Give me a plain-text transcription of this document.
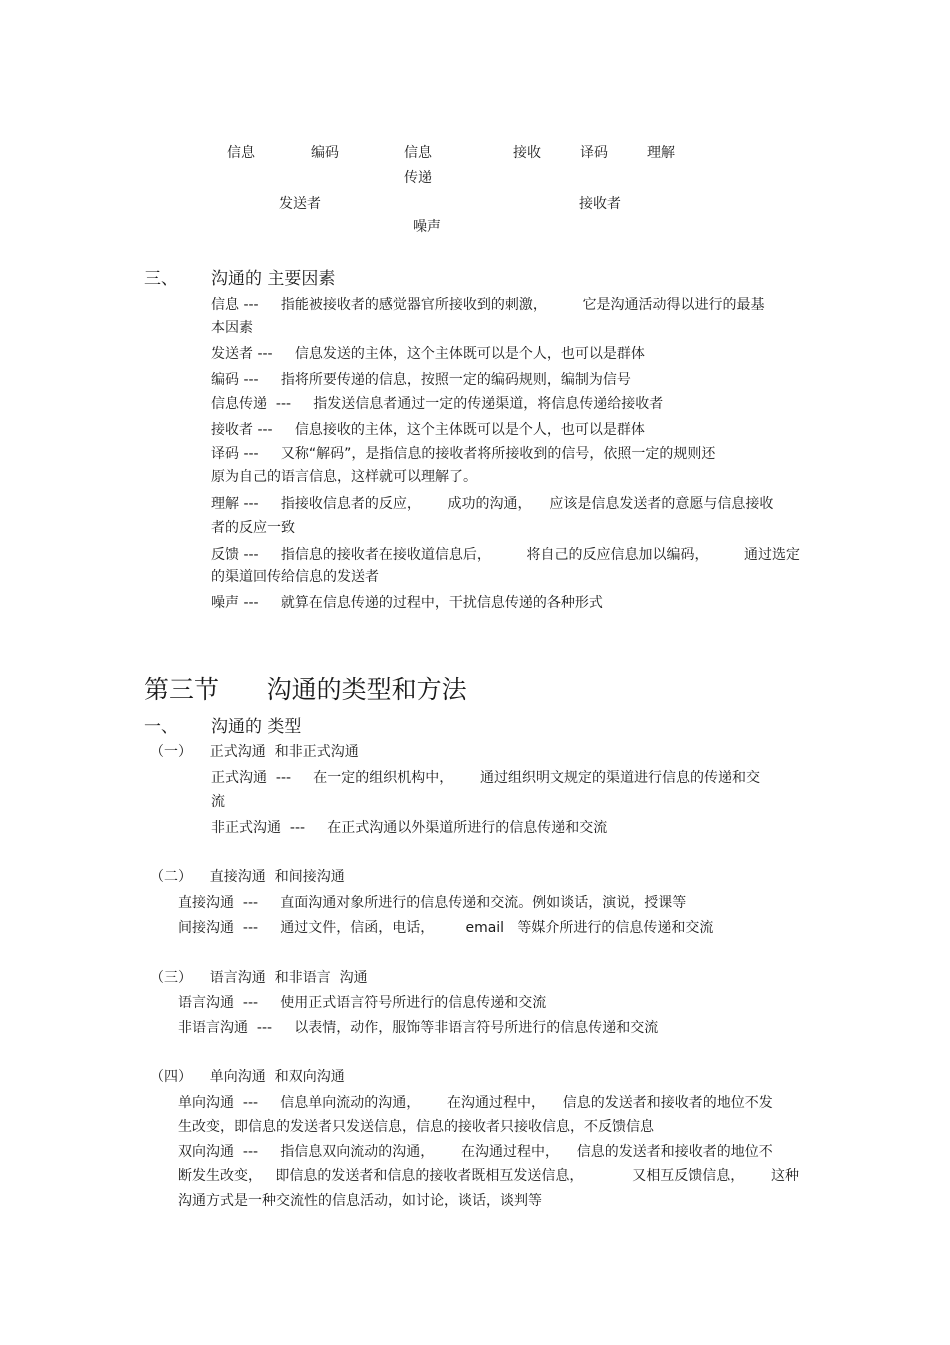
信息	编码	信息
传递
接收	译码	理解
发送者	接收者
噪声
三、 沟通的 主要因素
信息 ---     指能被接收者的感觉器官所接收到的刺激，        它是沟通活动得以进行的最基
本因素
发送者 ---     信息发送的主体，这个主体既可以是个人，也可以是群体
编码 ---     指将所要传递的信息，按照一定的编码规则，编制为信号
信息传递  ---     指发送信息者通过一定的传递渠道，将信息传递给接收者
接收者 ---     信息接收的主体，这个主体既可以是个人，也可以是群体
译码 ---     又称“解码”，是指信息的接收者将所接收到的信号，依照一定的规则还
原为自己的语言信息，这样就可以理解了。
理解 ---     指接收信息者的反应，      成功的沟通，    应该是信息发送者的意愿与信息接收
者的反应一致
反馈 ---     指信息的接收者在接收道信息后，        将自己的反应信息加以编码，        通过选定
的渠道回传给信息的发送者
噪声 ---     就算在信息传递的过程中，干扰信息传递的各种形式
第三节      沟通的类型和方法
一、 沟通的 类型
（一）    正式沟通  和非正式沟通
正式沟通  ---     在一定的组织机构中，      通过组织明文规定的渠道进行信息的传递和交
流
非正式沟通  ---     在正式沟通以外渠道所进行的信息传递和交流
（二）    直接沟通  和间接沟通
直接沟通  ---     直面沟通对象所进行的信息传递和交流。例如谈话，演说，授课等
间接沟通  ---     通过文件，信函，电话，       email   等媒介所进行的信息传递和交流
（三）    语言沟通  和非语言  沟通
语言沟通  ---     使用正式语言符号所进行的信息传递和交流
非语言沟通  ---     以表情，动作，服饰等非语言符号所进行的信息传递和交流
（四）    单向沟通  和双向沟通
单向沟通  ---     信息单向流动的沟通，      在沟通过程中，    信息的发送者和接收者的地位不发
生改变，即信息的发送者只发送信息，信息的接收者只接收信息，不反馈信息
双向沟通  ---     指信息双向流动的沟通，      在沟通过程中，    信息的发送者和接收者的地位不
断发生改变，   即信息的发送者和信息的接收者既相互发送信息，           又相互反馈信息，      这种
沟通方式是一种交流性的信息活动，如讨论，谈话，谈判等
